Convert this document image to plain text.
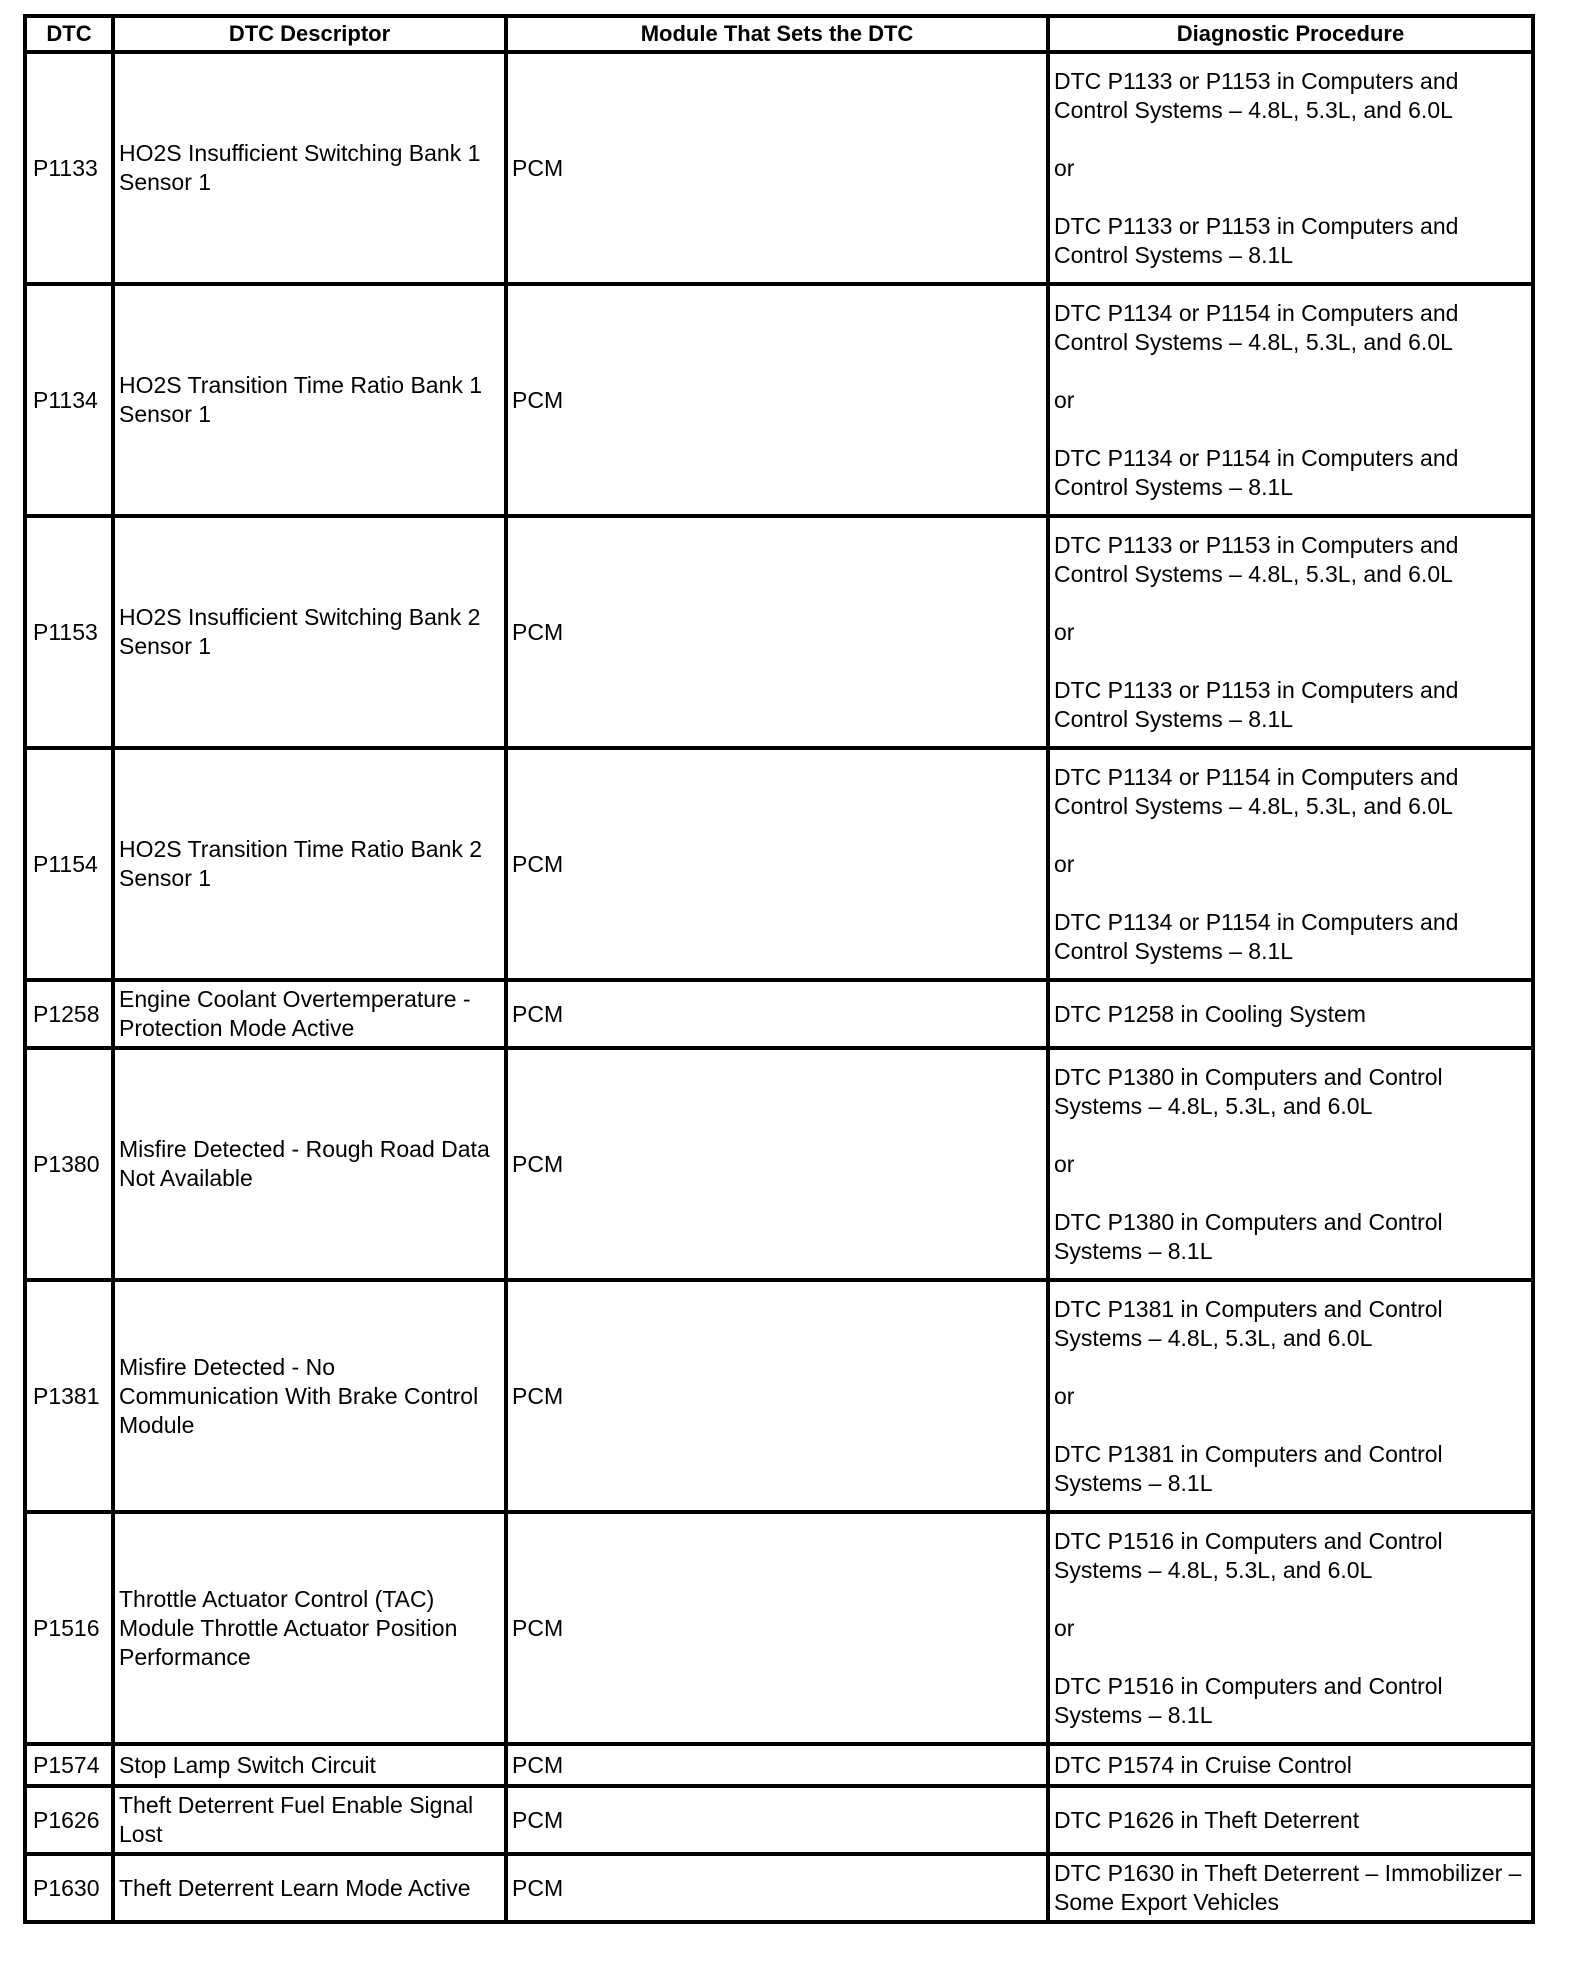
DTC	DTC Descriptor	Module That Sets the DTC	Diagnostic Procedure
P1133	HO2S Insufficient Switching Bank 1 Sensor 1	PCM	DTC P1133 or P1153 in Computers and Control Systems – 4.8L, 5.3L, and 6.0L
or
DTC P1133 or P1153 in Computers and Control Systems – 8.1L

P1134	HO2S Transition Time Ratio Bank 1 Sensor 1	PCM	DTC P1134 or P1154 in Computers and Control Systems – 4.8L, 5.3L, and 6.0L
or
DTC P1134 or P1154 in Computers and Control Systems – 8.1L

P1153	HO2S Insufficient Switching Bank 2 Sensor 1	PCM	DTC P1133 or P1153 in Computers and Control Systems – 4.8L, 5.3L, and 6.0L
or
DTC P1133 or P1153 in Computers and Control Systems – 8.1L

P1154	HO2S Transition Time Ratio Bank 2 Sensor 1	PCM	DTC P1134 or P1154 in Computers and Control Systems – 4.8L, 5.3L, and 6.0L
or
DTC P1134 or P1154 in Computers and Control Systems – 8.1L

P1258	Engine Coolant Overtemperature - Protection Mode Active	PCM	DTC P1258 in Cooling System

P1380	Misfire Detected - Rough Road Data Not Available	PCM	DTC P1380 in Computers and Control Systems – 4.8L, 5.3L, and 6.0L
or
DTC P1380 in Computers and Control Systems – 8.1L

P1381	Misfire Detected - No Communication With Brake Control Module	PCM	DTC P1381 in Computers and Control Systems – 4.8L, 5.3L, and 6.0L
or
DTC P1381 in Computers and Control Systems – 8.1L

P1516	Throttle Actuator Control (TAC) Module Throttle Actuator Position Performance	PCM	DTC P1516 in Computers and Control Systems – 4.8L, 5.3L, and 6.0L
or
DTC P1516 in Computers and Control Systems – 8.1L

P1574	Stop Lamp Switch Circuit	PCM	DTC P1574 in Cruise Control

P1626	Theft Deterrent Fuel Enable Signal Lost	PCM	DTC P1626 in Theft Deterrent

P1630	Theft Deterrent Learn Mode Active	PCM	DTC P1630 in Theft Deterrent – Immobilizer – Some Export Vehicles
